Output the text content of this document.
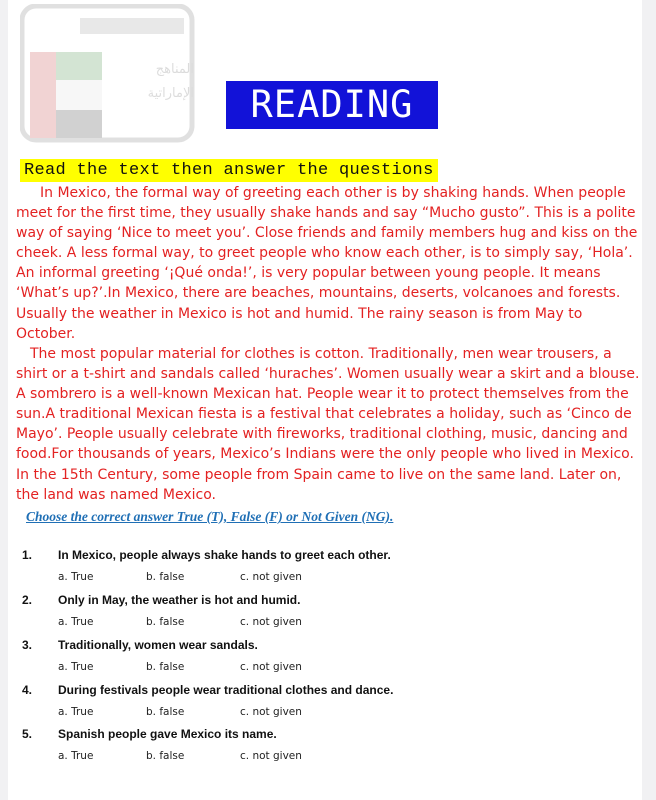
المناهج
الإماراتية	READING
Read the text then answer the questions

In Mexico, the formal way of greeting each other is by shaking hands. When people meet for the first time, they usually shake hands and say “Mucho gusto”. This is a polite way of saying ‘Nice to meet you’. Close friends and family members hug and kiss on the cheek. A less formal way, to greet people who know each other, is to simply say, ‘Hola’. An informal greeting ‘¡Qué onda!’, is very popular between young people. It means ‘What’s up?’.In Mexico, there are beaches, mountains, deserts, volcanoes and forests. Usually the weather in Mexico is hot and humid. The rainy season is from May to October.

The most popular material for clothes is cotton. Traditionally, men wear trousers, a shirt or a t-shirt and sandals called ‘huraches’. Women usually wear a skirt and a blouse. A sombrero is a well-known Mexican hat. People wear it to protect themselves from the sun.A traditional Mexican fiesta is a festival that celebrates a holiday, such as ‘Cinco de Mayo’. People usually celebrate with fireworks, traditional clothing, music, dancing and food.For thousands of years, Mexico’s Indians were the only people who lived in Mexico. In the 15th Century, some people from Spain came to live on the same land. Later on, the land was named Mexico.

Choose the correct answer True (T), False (F) or Not Given (NG).
1. In Mexico, people always shake hands to greet each other.
a. True	b. false	c. not given
2. Only in May, the weather is hot and humid.
a. True	b. false	c. not given
3. Traditionally, women wear sandals.
a. True	b. false	c. not given
4. During festivals people wear traditional clothes and dance.
a. True	b. false	c. not given
5. Spanish people gave Mexico its name.
a. True	b. false	c. not given
